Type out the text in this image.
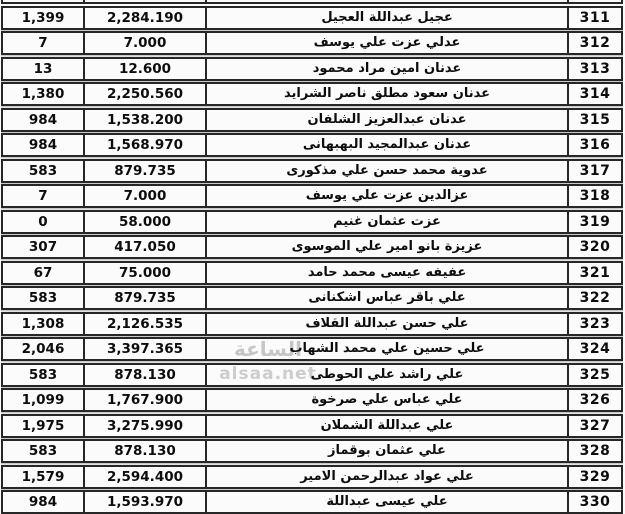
الساعة
alsaa.net
1,399	2,284.190	عجيل عبداللة العجيل	311
7	7.000	عدلي عزت علي يوسف	312
13	12.600	عدنان امين مراد محمود	313
1,380	2,250.560	عدنان سعود مطلق ناصر الشرايد	314
984	1,538.200	عدنان عبدالعزيز الشلفان	315
984	1,568.970	عدنان عبدالمجيد البهبهانى	316
583	879.735	عدوية محمد حسن علي مذكورى	317
7	7.000	عزالدين عزت علي يوسف	318
0	58.000	عزت عثمان غنيم	319
307	417.050	عزيزة بانو امير علي الموسوى	320
67	75.000	عفيفه عيسى محمد حامد	321
583	879.735	علي باقر عباس اشكنانى	322
1,308	2,126.535	علي حسن عبداللة القلاف	323
2,046	3,397.365	علي حسين علي محمد الشهاب	324
583	878.130	علي راشد علي الحوطى	325
1,099	1,767.900	علي عباس علي صرخوة	326
1,975	3,275.990	علي عبداللة الشملان	327
583	878.130	علي عثمان بوقماز	328
1,579	2,594.400	علي عواد عبدالرحمن الامير	329
984	1,593.970	علي عيسى عبداللة	330
